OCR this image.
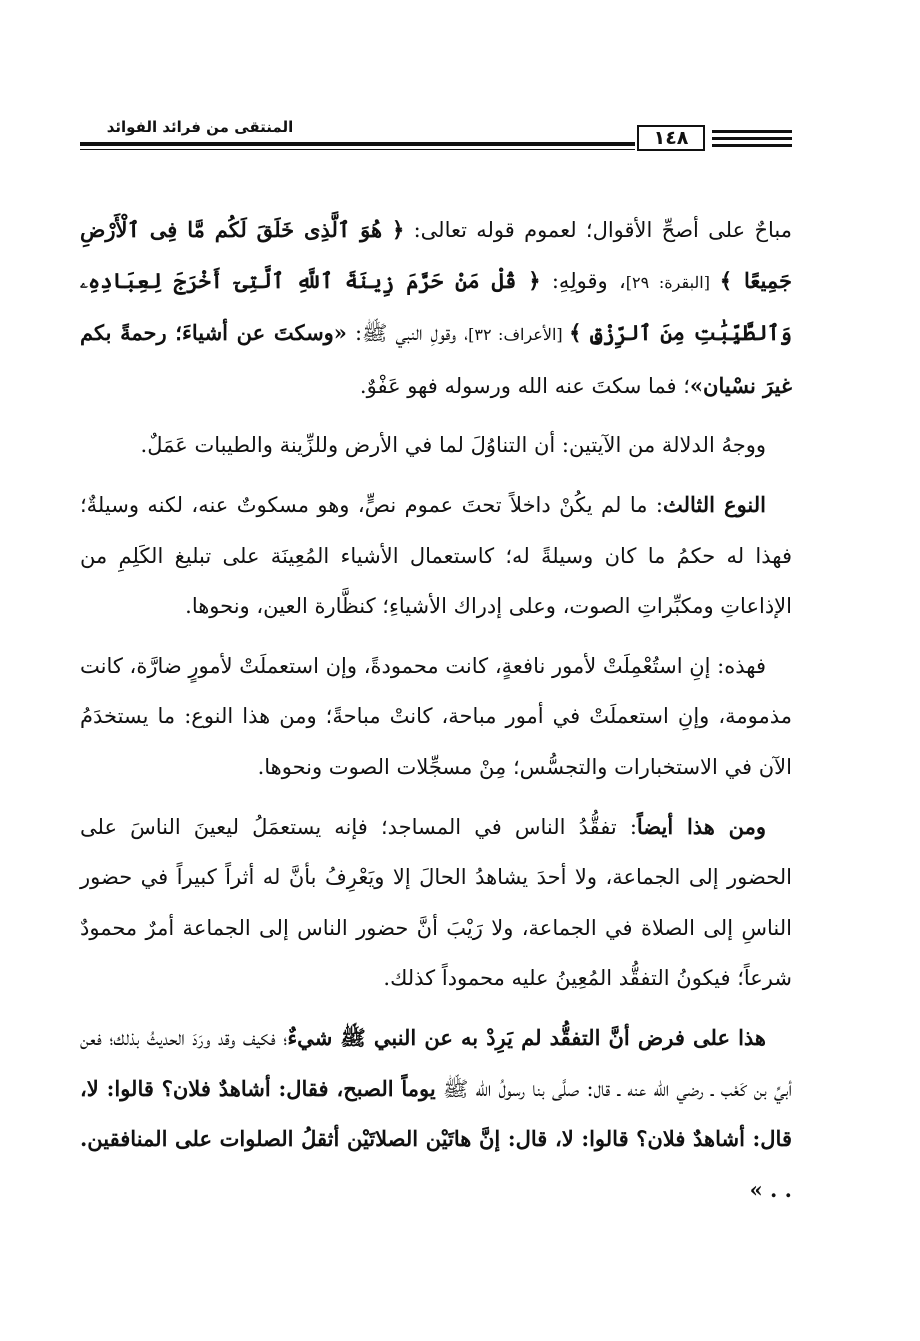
المنتقى من فرائد الفوائد	١٤٨

مباحٌ على أصحِّ الأقوال؛ لعموم قوله تعالى: ﴿ هُوَ ٱلَّذِى خَلَقَ لَكُم مَّا فِى ٱلْأَرْضِ جَمِيعًا ﴾ [البقرة: ٢٩]، وقولِهِ: ﴿ قُلْ مَنْ حَرَّمَ زِينَةَ ٱللَّهِ ٱلَّتِىٓ أَخْرَجَ لِعِبَادِهِۦ وَٱلطَّيِّبَٰتِ مِنَ ٱلرِّزْقِ ﴾ [الأعراف: ٣٢]، وقولِ النبي ﷺ: «وسكتَ عن أشياءَ؛ رحمةً بكم غيرَ نسْيان»؛ فما سكتَ عنه الله ورسوله فهو عَفْوٌ.

ووجهُ الدلالة من الآيتين: أن التناوُلَ لما في الأرض وللزِّينة والطيبات عَمَلٌ.

النوع الثالث: ما لم يكُنْ داخلاً تحتَ عموم نصٍّ، وهو مسكوتٌ عنه، لكنه وسيلةٌ؛ فهذا له حكمُ ما كان وسيلةً له؛ كاستعمال الأشياء المُعِينَة على تبليغ الكَلِمِ من الإذاعاتِ ومكبِّراتِ الصوت، وعلى إدراك الأشياءِ؛ كنظَّارة العين، ونحوها.

فهذه: إنِ استُعْمِلَتْ لأمور نافعةٍ، كانت محمودةً، وإن استعملَتْ لأمورٍ ضارَّة، كانت مذمومة، وإنِ استعملَتْ في أمور مباحة، كانتْ مباحةً؛ ومن هذا النوع: ما يستخدَمُ الآن في الاستخبارات والتجسُّس؛ مِنْ مسجِّلات الصوت ونحوها.

ومن هذا أيضاً: تفقُّدُ الناس في المساجد؛ فإنه يستعمَلُ ليعينَ الناسَ على الحضور إلى الجماعة، ولا أحدَ يشاهدُ الحالَ إلا ويَعْرِفُ بأنَّ له أثراً كبيراً في حضور الناسِ إلى الصلاة في الجماعة، ولا رَيْبَ أنَّ حضور الناس إلى الجماعة أمرٌ محمودٌ شرعاً؛ فيكونُ التفقُّد المُعِينُ عليه محموداً كذلك.

هذا على فرض أنَّ التفقُّد لم يَرِدْ به عن النبي ﷺ شيءٌ؛ فكيف وقد ورَدَ الحديثُ بذلك؛ فعن أبيِّ بن كَعْب ـ رضي الله عنه ـ قال: صلَّى بنا رسولُ الله ﷺ يوماً الصبح، فقال: أشاهدٌ فلان؟ قالوا: لا، قال: أشاهدٌ فلان؟ قالوا: لا، قال: إنَّ هاتَيْن الصلاتَيْن أثقلُ الصلوات على المنافقين. . . »
